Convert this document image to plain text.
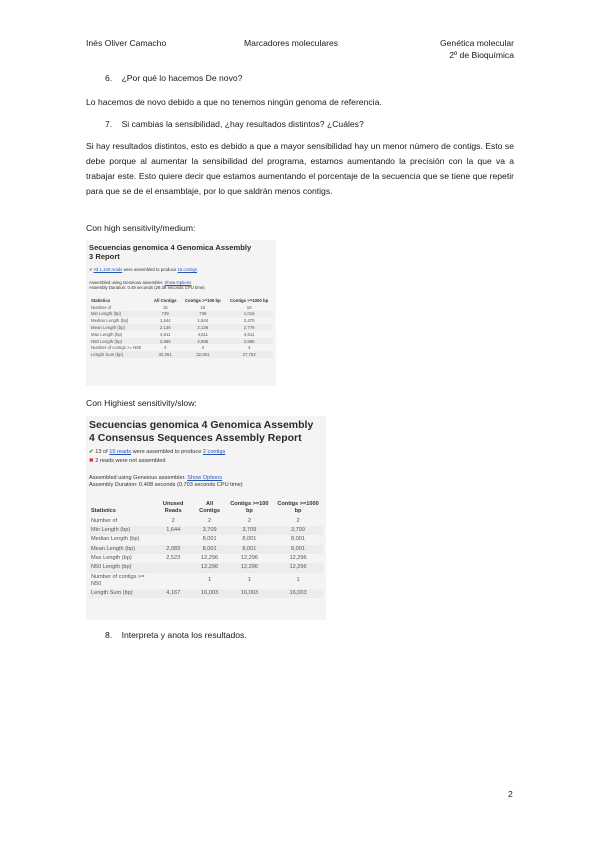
Inés Oliver Camacho	Marcadores moleculares	Genética molecular
2º de Bioquímica
6. ¿Por qué lo hacemos De novo?
Lo hacemos de novo debido a que no tenemos ningún genoma de referencia.
7. Si cambias la sensibilidad, ¿hay resultados distintos? ¿Cuáles?
Si hay resultados distintos, esto es debido a que a mayor sensibilidad hay un menor número de contigs. Esto se debe porque al aumentar la sensibilidad del programa, estamos aumentando la precisión con la que va a trabajar este. Esto quiere decir que estamos aumentando el porcentaje de la secuencia que se tiene que repetir para que se de el ensamblaje, por lo que saldrán menos contigs.
Con high sensitivity/medium:
Secuencias genomica 4 Genomica Assembly
3 Report
✔ All 1,100 reads were assembled to produce 15 contigs
Assembled using Geneious assembler. Show Options
Assembly Duration: 0.49 seconds (29.38 seconds CPU time)
Statistics	All Contigs	Contigs >=100 bp	Contigs >=1000 bp
Number of	15	15	10
Min Length (bp)	739	739	1,016
Median Length (bp)	1,644	1,644	2,470
Mean Length (bp)	2,136	2,136	2,776
Max Length (bp)	4,611	4,611	4,611
N50 Length (bp)	2,885	2,885	2,885
Number of contigs >= N50	4	4	4
Length Sum (bp)	32,051	32,051	27,762
Con Highiest sensitivity/slow:
Secuencias genomica 4 Genomica Assembly
4 Consensus Sequences Assembly Report
✔ 13 of 15 reads were assembled to produce 2 contigs
✖ 2 reads were not assembled
Assembled using Geneious assembler. Show Options
Assembly Duration: 0.408 seconds (0.703 seconds CPU time)
Statistics	Unused Reads	All Contigs	Contigs >=100 bp	Contigs >=1000 bp
Number of	2	2	2	2
Min Length (bp)	1,644	3,709	3,709	3,709
Median Length (bp)		8,001	8,001	8,001
Mean Length (bp)	2,083	8,001	8,001	8,001
Max Length (bp)	2,523	12,296	12,296	12,296
N50 Length (bp)		12,296	12,296	12,296
Number of contigs >= N50		1	1	1
Length Sum (bp)	4,167	16,003	16,003	16,003
8. Interpreta y anota los resultados.
2
